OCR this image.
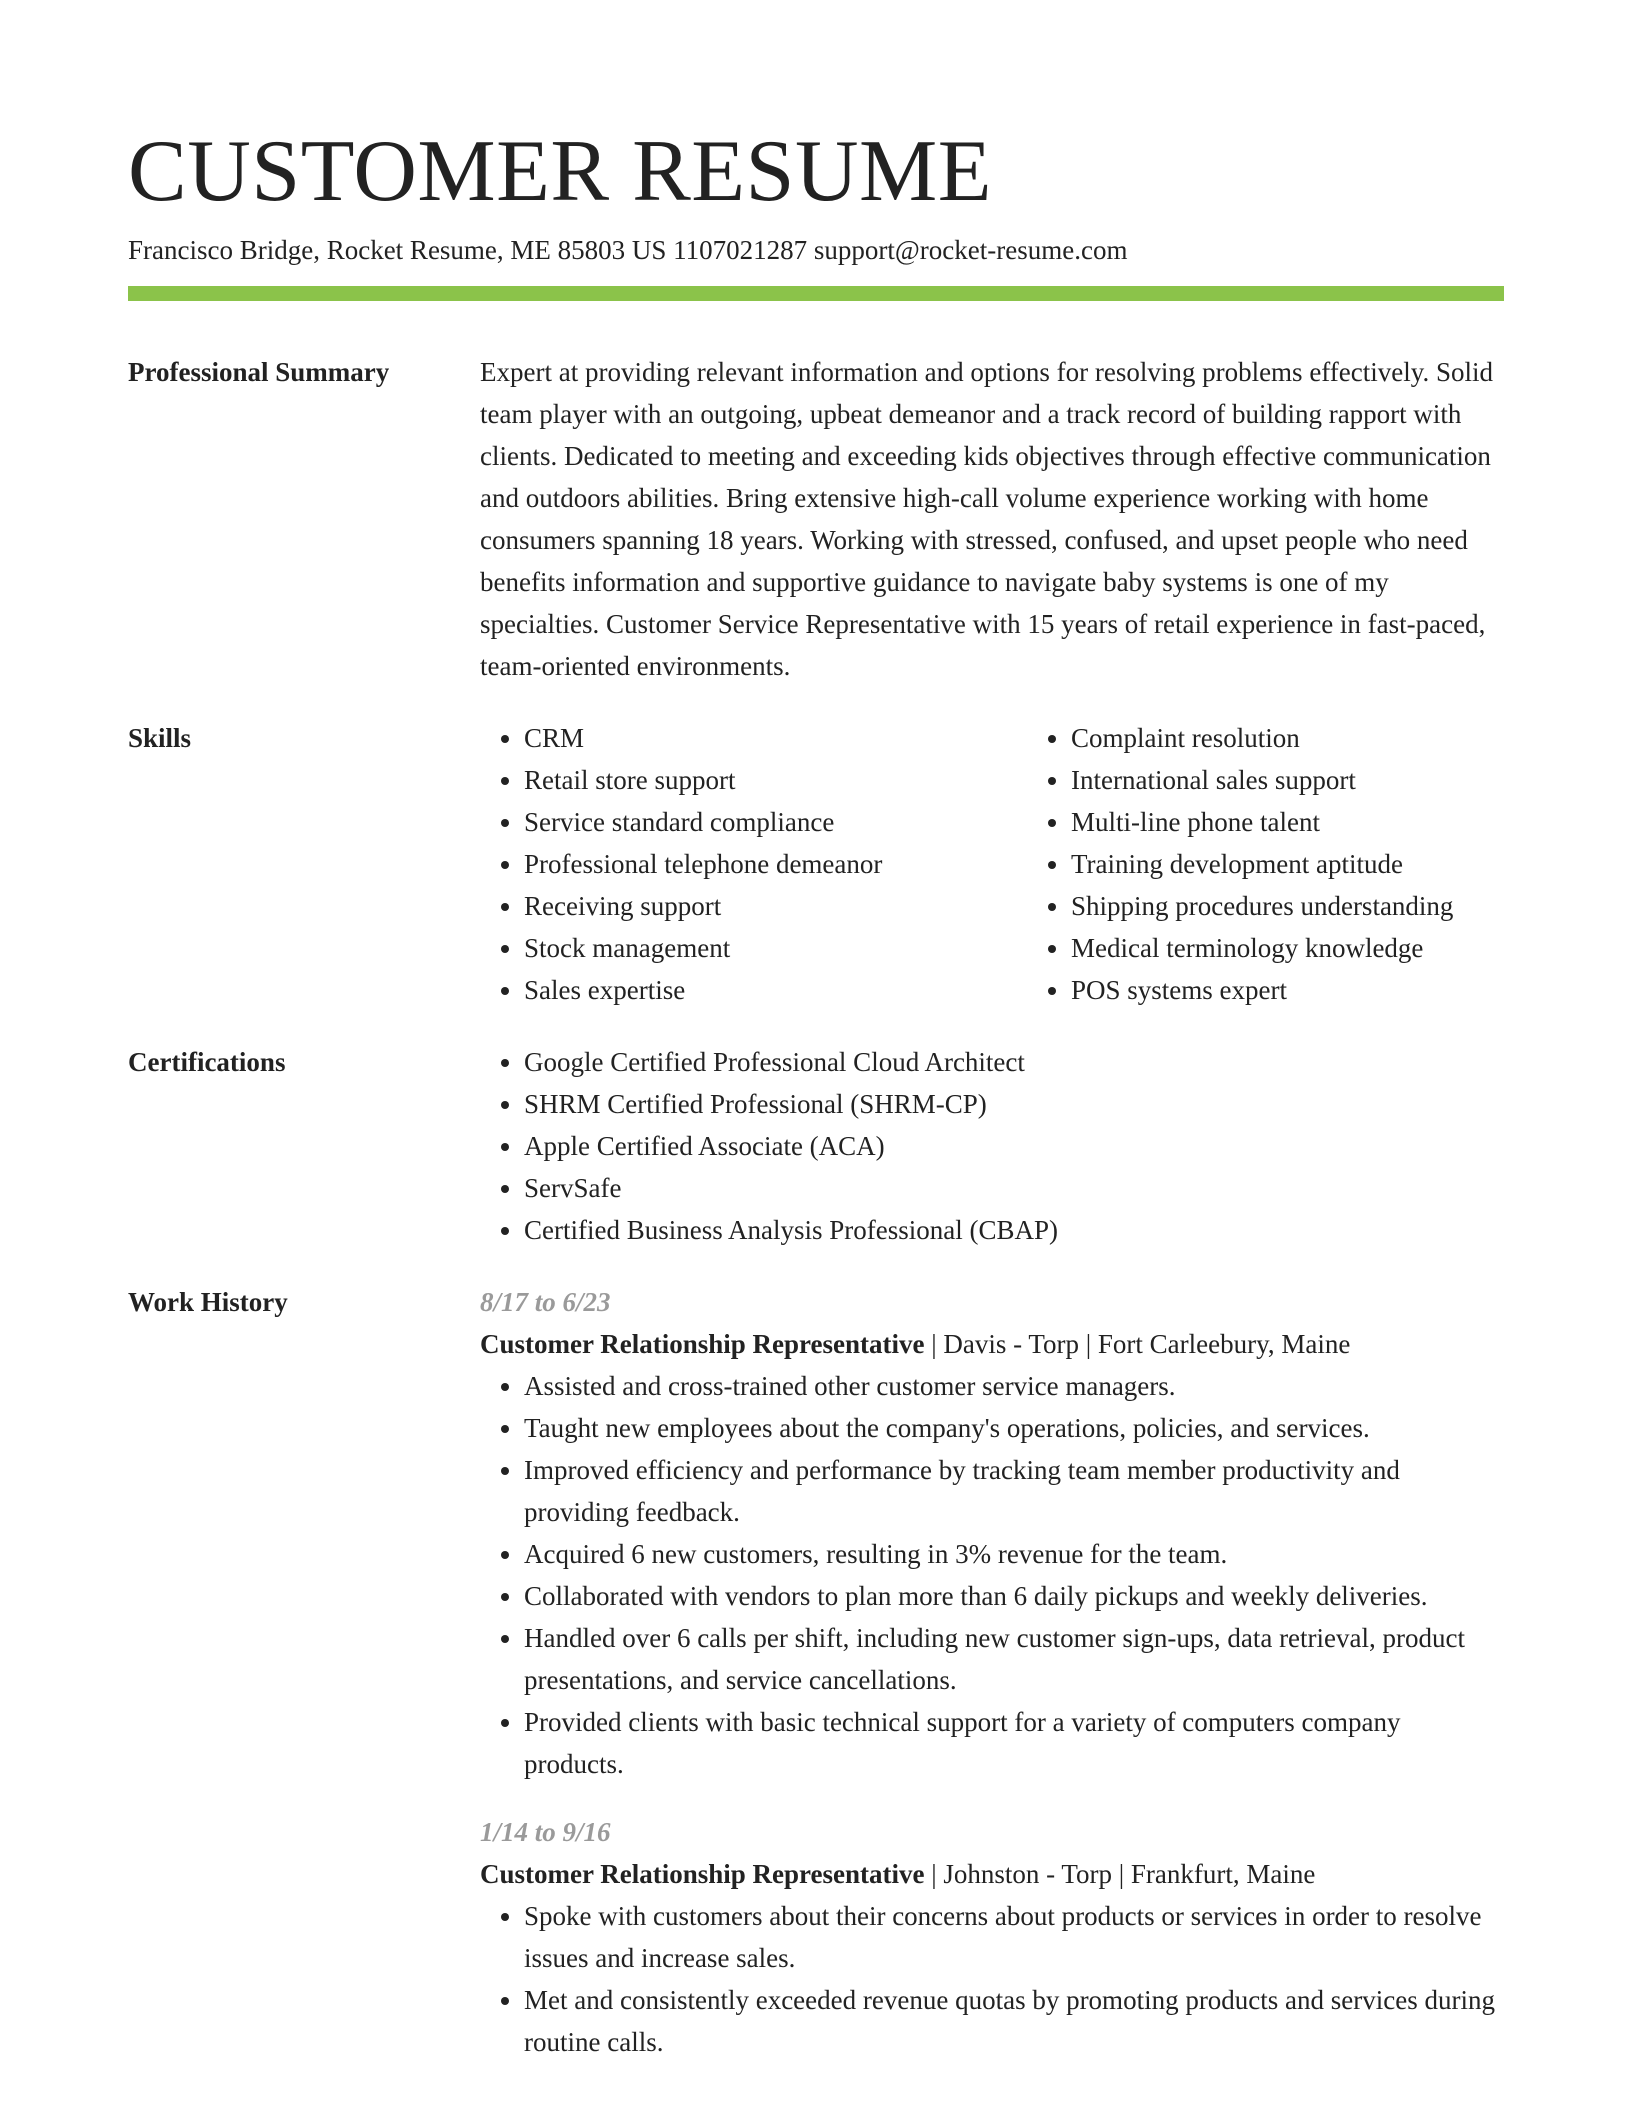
CUSTOMER RESUME
Francisco Bridge, Rocket Resume, ME 85803 US 1107021287 support@rocket-resume.com
Professional Summary	Expert at providing relevant information and options for resolving problems effectively. Solid team player with an outgoing, upbeat demeanor and a track record of building rapport with clients. Dedicated to meeting and exceeding kids objectives through effective communication and outdoors abilities. Bring extensive high-call volume experience working with home consumers spanning 18 years. Working with stressed, confused, and upset people who need benefits information and supportive guidance to navigate baby systems is one of my specialties. Customer Service Representative with 15 years of retail experience in fast-paced, team-oriented environments.

Skills	• CRM
• Retail store support
• Service standard compliance
• Professional telephone demeanor
• Receiving support
• Stock management
• Sales expertise
• Complaint resolution
• International sales support
• Multi-line phone talent
• Training development aptitude
• Shipping procedures understanding
• Medical terminology knowledge
• POS systems expert
Certifications	• Google Certified Professional Cloud Architect
• SHRM Certified Professional (SHRM-CP)
• Apple Certified Associate (ACA)
• ServSafe
• Certified Business Analysis Professional (CBAP)
Work History	8/17 to 6/23
Customer Relationship Representative | Davis - Torp | Fort Carleebury, Maine
• Assisted and cross-trained other customer service managers.
• Taught new employees about the company's operations, policies, and services.
• Improved efficiency and performance by tracking team member productivity and providing feedback.
• Acquired 6 new customers, resulting in 3% revenue for the team.
• Collaborated with vendors to plan more than 6 daily pickups and weekly deliveries.
• Handled over 6 calls per shift, including new customer sign-ups, data retrieval, product presentations, and service cancellations.
• Provided clients with basic technical support for a variety of computers company products.
1/14 to 9/16
Customer Relationship Representative | Johnston - Torp | Frankfurt, Maine
• Spoke with customers about their concerns about products or services in order to resolve issues and increase sales.
• Met and consistently exceeded revenue quotas by promoting products and services during routine calls.
